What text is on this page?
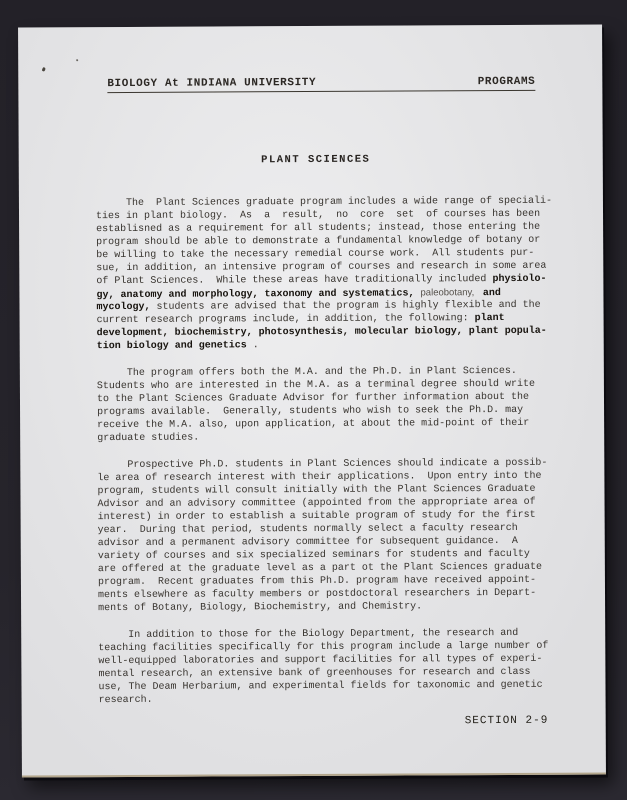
BIOLOGY At INDIANA UNIVERSITY	PROGRAMS
PLANT SCIENCES
The  Plant Sciences graduate program includes a wide range of speciali-
ties in plant biology.  As  a  result,  no  core  set  of courses has been
establisned as a requirement for all students; instead, those entering the
program should be able to demonstrate a fundamental knowledge of botany or
be willing to take the necessary remedial course work.  All students pur-
sue, in addition, an intensive program of courses and research in some area
of Plant Sciences.  While these areas have traditionally included physiolo-
gy, anatomy and morphology, taxonomy and systematics, paleobotany,  and
mycology, students are advised that the program is highly flexible and the
current research programs include, in addition, the following: plant
development, biochemistry, photosynthesis, molecular biology, plant popula-
tion biology and genetics .
The program offers both the M.A. and the Ph.D. in Plant Sciences.
Students who are interested in the M.A. as a terminal degree should write
to the Plant Sciences Graduate Advisor for further information about the
programs available.  Generally, students who wish to seek the Ph.D. may
receive the M.A. also, upon application, at about the mid-point of their
graduate studies.
Prospective Ph.D. students in Plant Sciences should indicate a possib-
le area of research interest with their applications.  Upon entry into the
program, students will consult initially with the Plant Sciences Graduate
Advisor and an advisory committee (appointed from the appropriate area of
interest) in order to establish a suitable program of study for the first
year.  During that period, students normally select a faculty research
advisor and a permanent advisory committee for subsequent guidance.  A
variety of courses and six specialized seminars for students and faculty
are offered at the graduate level as a part ot the Plant Sciences graduate
program.  Recent graduates from this Ph.D. program have received appoint-
ments elsewhere as faculty members or postdoctoral researchers in Depart-
ments of Botany, Biology, Biochemistry, and Chemistry.
In addition to those for the Biology Department, the research and
teaching facilities specifically for this program include a large number of
well-equipped laboratories and support facilities for all types of experi-
mental research, an extensive bank of greenhouses for research and class
use, The Deam Herbarium, and experimental fields for taxonomic and genetic
research.
SECTION 2-9
